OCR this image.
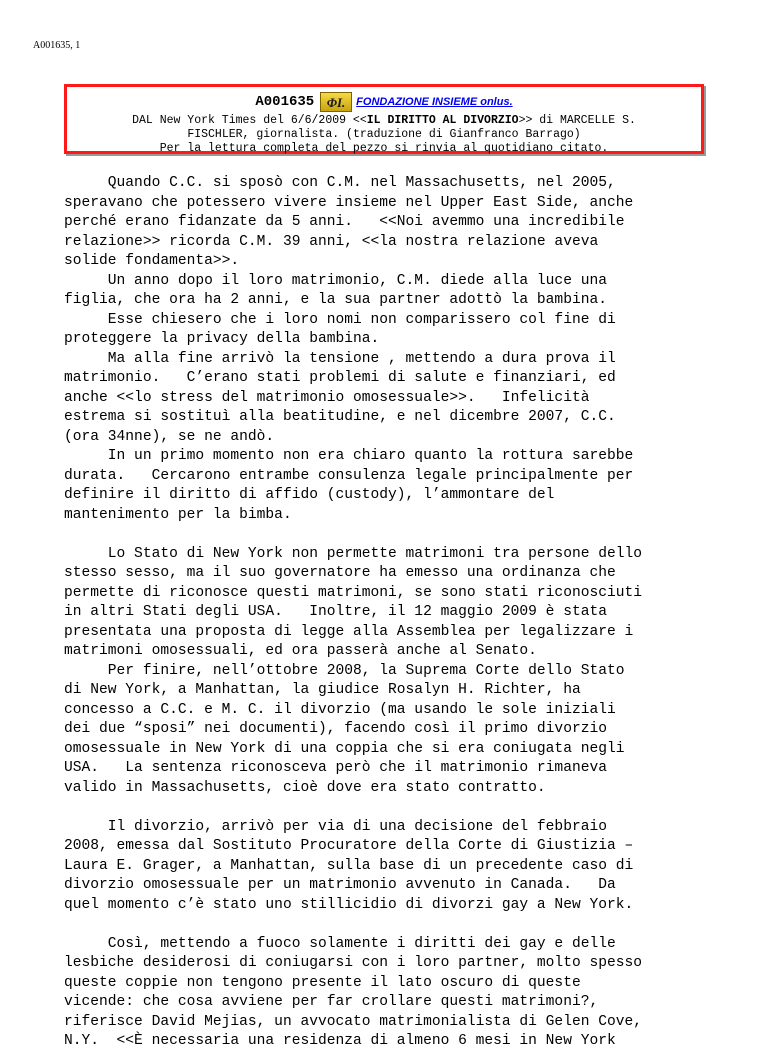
A001635, 1
A001635 ΦI. FONDAZIONE INSIEME onlus.
DAL New York Times del 6/6/2009 <<IL DIRITTO AL DIVORZIO>> di MARCELLE S.
FISCHLER, giornalista. (traduzione di Gianfranco Barrago)
Per la lettura completa del pezzo si rinvia al quotidiano citato.
Quando C.C. si sposò con C.M. nel Massachusetts, nel 2005,
speravano che potessero vivere insieme nel Upper East Side, anche
perché erano fidanzate da 5 anni.   <<Noi avemmo una incredibile
relazione>> ricorda C.M. 39 anni, <<la nostra relazione aveva
solide fondamenta>>.
Un anno dopo il loro matrimonio, C.M. diede alla luce una
figlia, che ora ha 2 anni, e la sua partner adottò la bambina.
Esse chiesero che i loro nomi non comparissero col fine di
proteggere la privacy della bambina.
Ma alla fine arrivò la tensione , mettendo a dura prova il
matrimonio.   C’erano stati problemi di salute e finanziari, ed
anche <<lo stress del matrimonio omosessuale>>.   Infelicità
estrema si sostituì alla beatitudine, e nel dicembre 2007, C.C.
(ora 34nne), se ne andò.
In un primo momento non era chiaro quanto la rottura sarebbe
durata.   Cercarono entrambe consulenza legale principalmente per
definire il diritto di affido (custody), l’ammontare del
mantenimento per la bimba.
Lo Stato di New York non permette matrimoni tra persone dello
stesso sesso, ma il suo governatore ha emesso una ordinanza che
permette di riconosce questi matrimoni, se sono stati riconosciuti
in altri Stati degli USA.   Inoltre, il 12 maggio 2009 è stata
presentata una proposta di legge alla Assemblea per legalizzare i
matrimoni omosessuali, ed ora passerà anche al Senato.
Per finire, nell’ottobre 2008, la Suprema Corte dello Stato
di New York, a Manhattan, la giudice Rosalyn H. Richter, ha
concesso a C.C. e M. C. il divorzio (ma usando le sole iniziali
dei due “sposi” nei documenti), facendo così il primo divorzio
omosessuale in New York di una coppia che si era coniugata negli
USA.   La sentenza riconosceva però che il matrimonio rimaneva
valido in Massachusetts, cioè dove era stato contratto.
Il divorzio, arrivò per via di una decisione del febbraio
2008, emessa dal Sostituto Procuratore della Corte di Giustizia –
Laura E. Grager, a Manhattan, sulla base di un precedente caso di
divorzio omosessuale per un matrimonio avvenuto in Canada.   Da
quel momento c’è stato uno stillicidio di divorzi gay a New York.
Così, mettendo a fuoco solamente i diritti dei gay e delle
lesbiche desiderosi di coniugarsi con i loro partner, molto spesso
queste coppie non tengono presente il lato oscuro di queste
vicende: che cosa avviene per far crollare questi matrimoni?,
riferisce David Mejias, un avvocato matrimonialista di Gelen Cove,
N.Y.  <<È necessaria una residenza di almeno 6 mesi in New York
